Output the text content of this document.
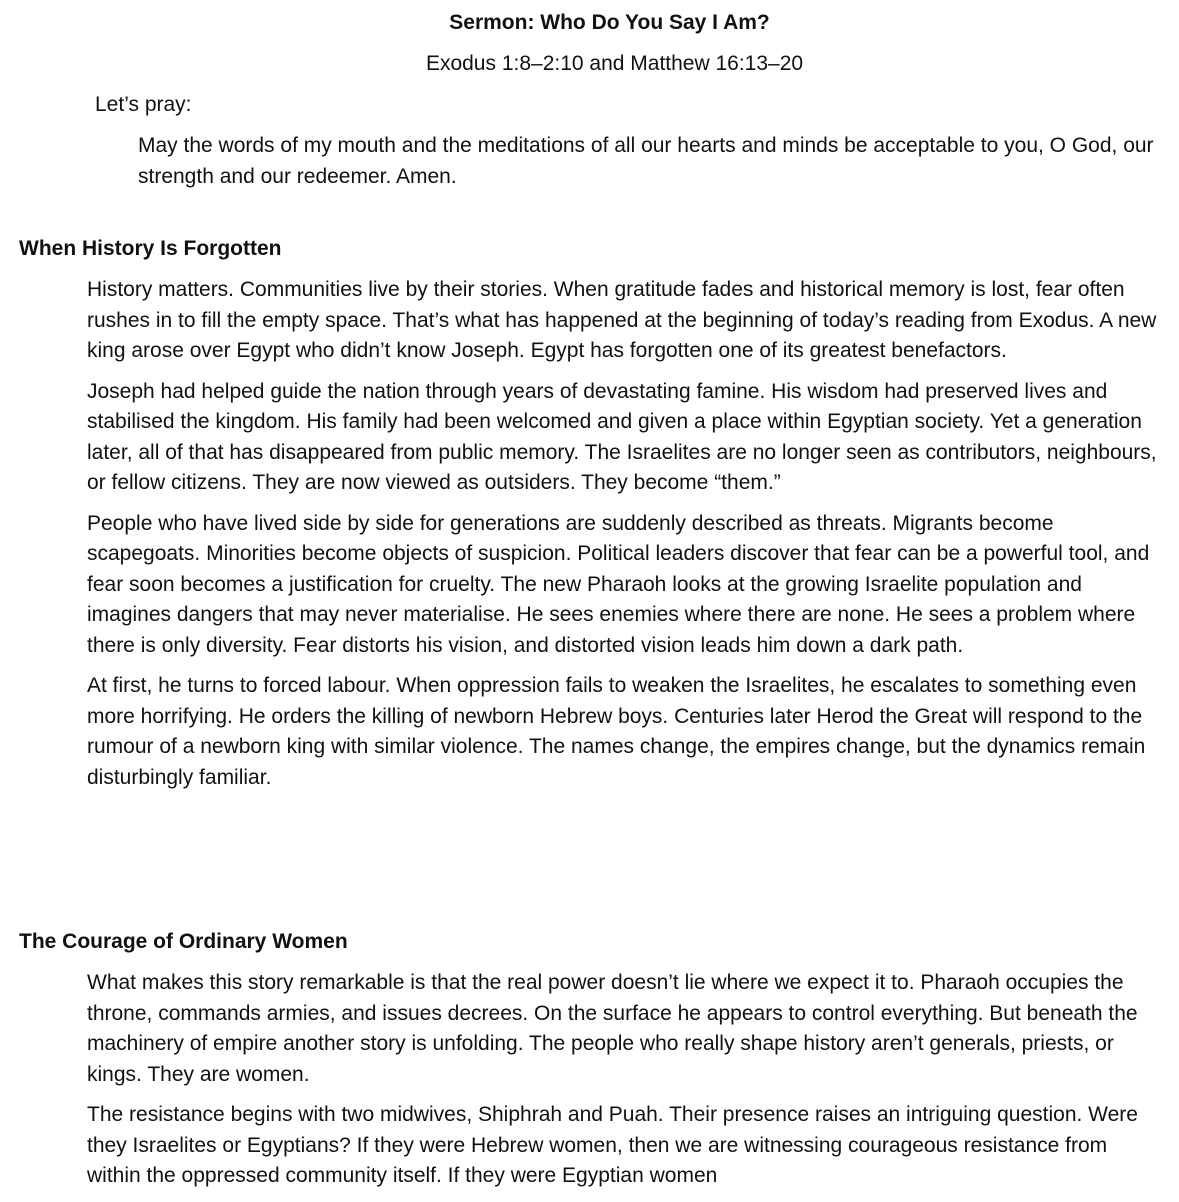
Sermon: Who Do You Say I Am?

Exodus 1:8–2:10 and Matthew 16:13–20

Let’s pray:

May the words of my mouth and the meditations of all our hearts and minds be acceptable to you, O God, our strength and our redeemer. Amen.

When History Is Forgotten

History matters. Communities live by their stories. When gratitude fades and historical memory is lost, fear often rushes in to fill the empty space. That’s what has happened at the beginning of today’s reading from Exodus. A new king arose over Egypt who didn’t know Joseph. Egypt has forgotten one of its greatest benefactors.

Joseph had helped guide the nation through years of devastating famine. His wisdom had preserved lives and stabilised the kingdom. His family had been welcomed and given a place within Egyptian society. Yet a generation later, all of that has disappeared from public memory. The Israelites are no longer seen as contributors, neighbours, or fellow citizens. They are now viewed as outsiders. They become “them.”

People who have lived side by side for generations are suddenly described as threats. Migrants become scapegoats. Minorities become objects of suspicion. Political leaders discover that fear can be a powerful tool, and fear soon becomes a justification for cruelty. The new Pharaoh looks at the growing Israelite population and imagines dangers that may never materialise. He sees enemies where there are none. He sees a problem where there is only diversity. Fear distorts his vision, and distorted vision leads him down a dark path.

At first, he turns to forced labour. When oppression fails to weaken the Israelites, he escalates to something even more horrifying. He orders the killing of newborn Hebrew boys. Centuries later Herod the Great will respond to the rumour of a newborn king with similar violence. The names change, the empires change, but the dynamics remain disturbingly familiar.

The Courage of Ordinary Women

What makes this story remarkable is that the real power doesn’t lie where we expect it to. Pharaoh occupies the throne, commands armies, and issues decrees. On the surface he appears to control everything. But beneath the machinery of empire another story is unfolding. The people who really shape history aren’t generals, priests, or kings. They are women.

The resistance begins with two midwives, Shiphrah and Puah. Their presence raises an intriguing question. Were they Israelites or Egyptians? If they were Hebrew women, then we are witnessing courageous resistance from within the oppressed community itself. If they were Egyptian women
